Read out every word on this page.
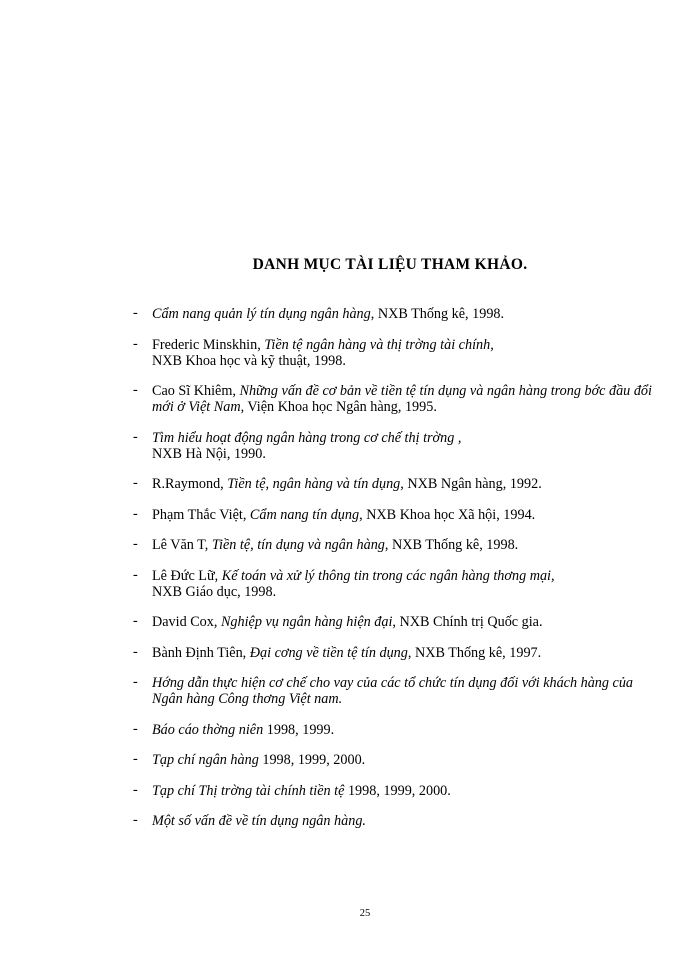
DANH MỤC TÀI LIỆU THAM KHẢO.
- Cẩm nang quản lý tín dụng ngân hàng, NXB Thống kê, 1998.
- Frederic Minskhin, Tiền tệ ngân hàng và thị trờng tài chính,
NXB Khoa học và kỹ thuật, 1998.
- Cao Sĩ Khiêm, Những vấn đề cơ bản về tiền tệ tín dụng và ngân hàng trong bớc đầu đổi mới ở Việt Nam, Viện Khoa học Ngân hàng, 1995.
- Tìm hiểu hoạt động ngân hàng trong cơ chế thị trờng ,
NXB Hà Nội, 1990.
- R.Raymond, Tiền tệ, ngân hàng và tín dụng, NXB Ngân hàng, 1992.
- Phạm Thắc Việt, Cẩm nang tín dụng, NXB Khoa học Xã hội, 1994.
- Lê Văn T, Tiền tệ, tín dụng và ngân hàng, NXB Thống kê, 1998.
- Lê Đức Lữ, Kế toán và xử lý thông tin trong các ngân hàng thơng mại,
NXB Giáo dục, 1998.
- David Cox, Nghiệp vụ ngân hàng hiện đại, NXB Chính trị Quốc gia.
- Bành Định Tiên, Đại cơng về tiền tệ tín dụng, NXB Thống kê, 1997.
- Hớng dẫn thực hiện cơ chế cho vay của các tổ chức tín dụng đối với khách hàng của Ngân hàng Công thơng Việt nam.
- Báo cáo thờng niên 1998, 1999.
- Tạp chí ngân hàng 1998, 1999, 2000.
- Tạp chí Thị trờng tài chính tiền tệ 1998, 1999, 2000.
- Một số vấn đề về tín dụng ngân hàng.
25
